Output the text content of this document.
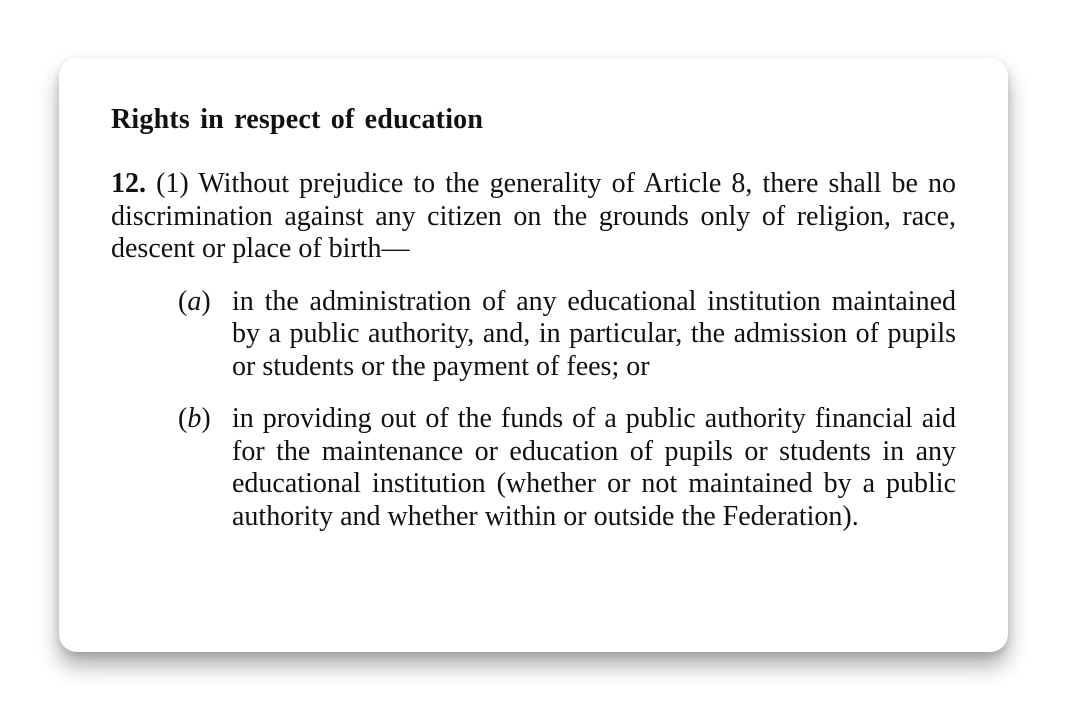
Rights in respect of education

12. (1) Without prejudice to the generality of Article 8, there shall be no discrimination against any citizen on the grounds only of religion, race, descent or place of birth—

(a) in the administration of any educational institution maintained by a public authority, and, in particular, the admission of pupils or students or the payment of fees; or
(b) in providing out of the funds of a public authority financial aid for the maintenance or education of pupils or students in any educational institution (whether or not maintained by a public authority and whether within or outside the Federation).
